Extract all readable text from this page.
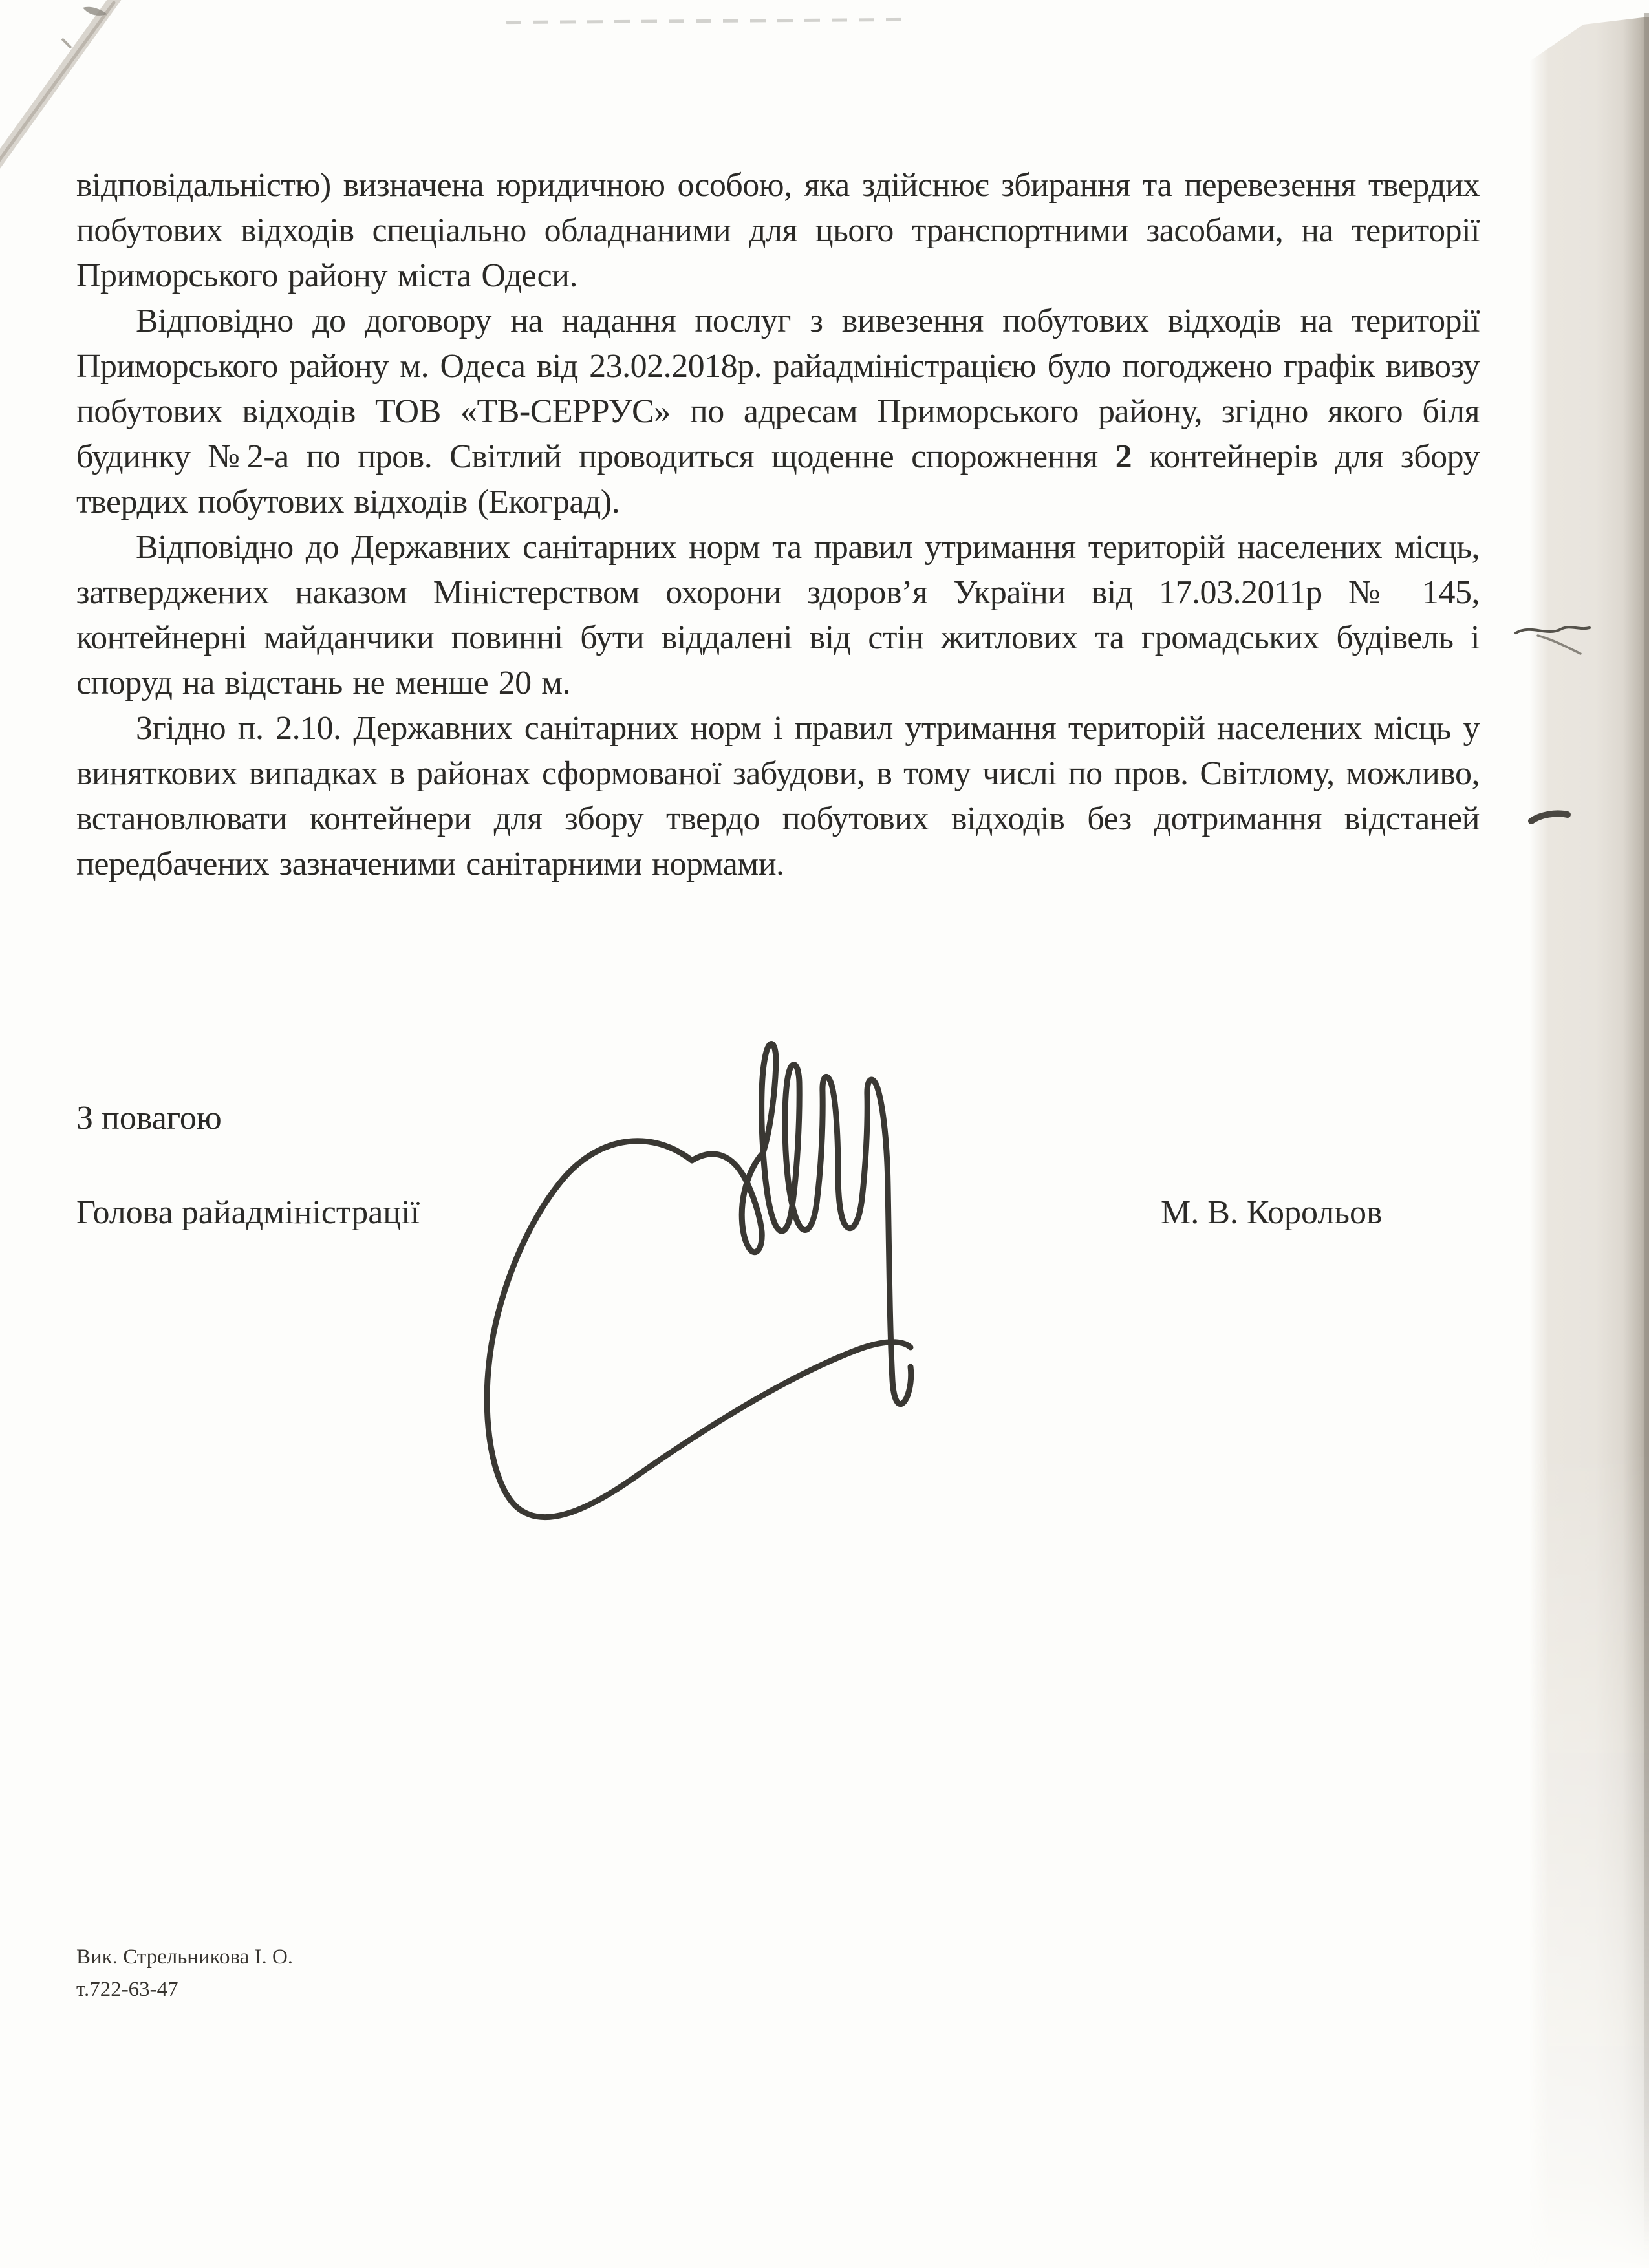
відповідальністю) визначена юридичною особою, яка здійснює збирання та перевезення твердих побутових відходів спеціально обладнаними для цього транспортними засобами, на території Приморського району міста Одеси.

Відповідно до договору на надання послуг з вивезення побутових відходів на території Приморського району м. Одеса від 23.02.2018р. райадміністрацією було погоджено графік вивозу побутових відходів ТОВ «ТВ-СЕРРУС» по адресам Приморського району, згідно якого біля будинку №2-а по пров. Світлий проводиться щоденне спорожнення 2 контейнерів для збору твердих побутових відходів (Екоград).

Відповідно до Державних санітарних норм та правил утримання територій населених місць, затверджених наказом Міністерством охорони здоров’я України від 17.03.2011р № 145, контейнерні майданчики повинні бути віддалені від стін житлових та громадських будівель і споруд на відстань не менше 20 м.

Згідно п. 2.10. Державних санітарних норм і правил утримання територій населених місць у виняткових випадках в районах сформованої забудови, в тому числі по пров. Світлому, можливо, встановлювати контейнери для збору твердо побутових відходів без дотримання відстаней передбачених зазначеними санітарними нормами.

З повагою
Голова райадміністрації	М. В. Корольов
Вик. Стрельникова І. О.
т.722-63-47
